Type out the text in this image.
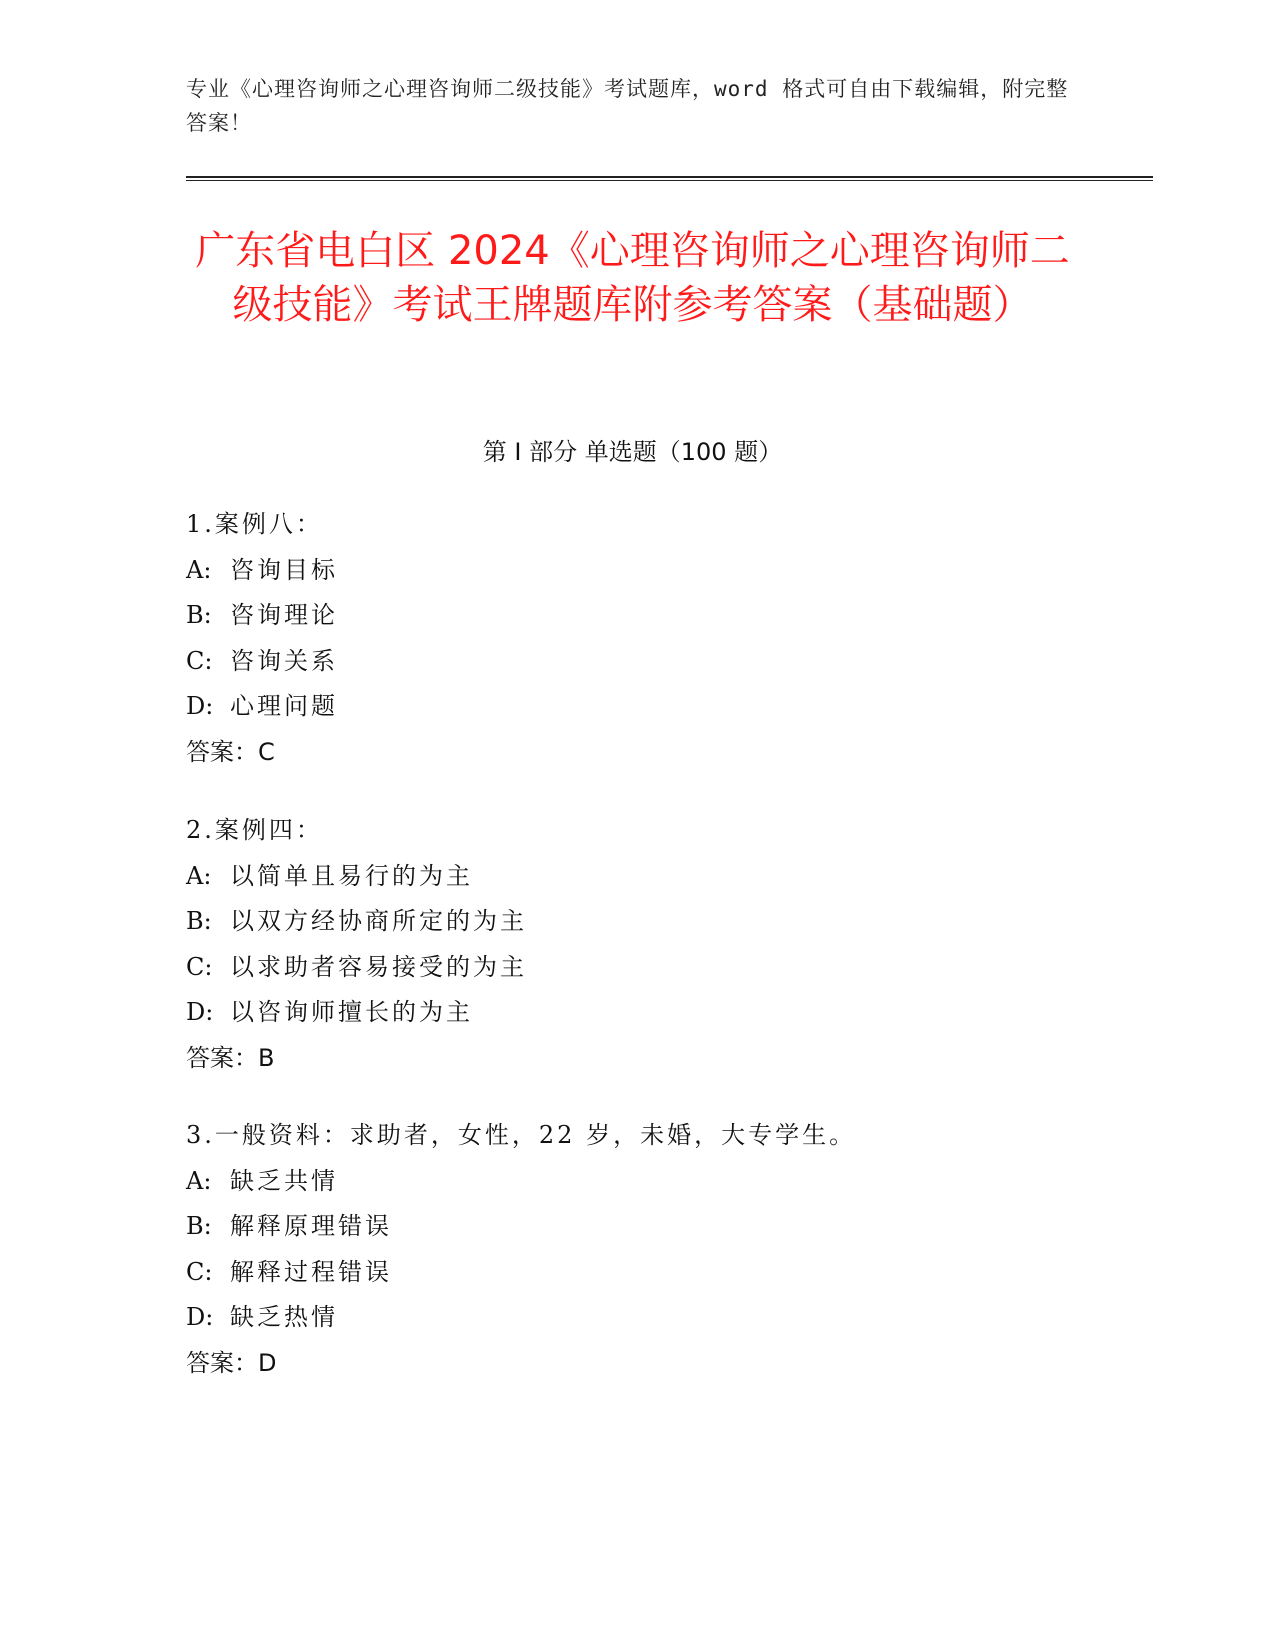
专业《心理咨询师之心理咨询师二级技能》考试题库，word 格式可自由下载编辑，附完整答案！
广东省电白区 2024《心理咨询师之心理咨询师二级技能》考试王牌题库附参考答案（基础题）
第 I 部分 单选题（100 题）
1.案例八：
A: 咨询目标
B: 咨询理论
C: 咨询关系
D: 心理问题
答案：C
2.案例四：
A: 以简单且易行的为主
B: 以双方经协商所定的为主
C: 以求助者容易接受的为主
D: 以咨询师擅长的为主
答案：B
3.一般资料：求助者，女性，22 岁，未婚，大专学生。
A: 缺乏共情
B: 解释原理错误
C: 解释过程错误
D: 缺乏热情
答案：D
